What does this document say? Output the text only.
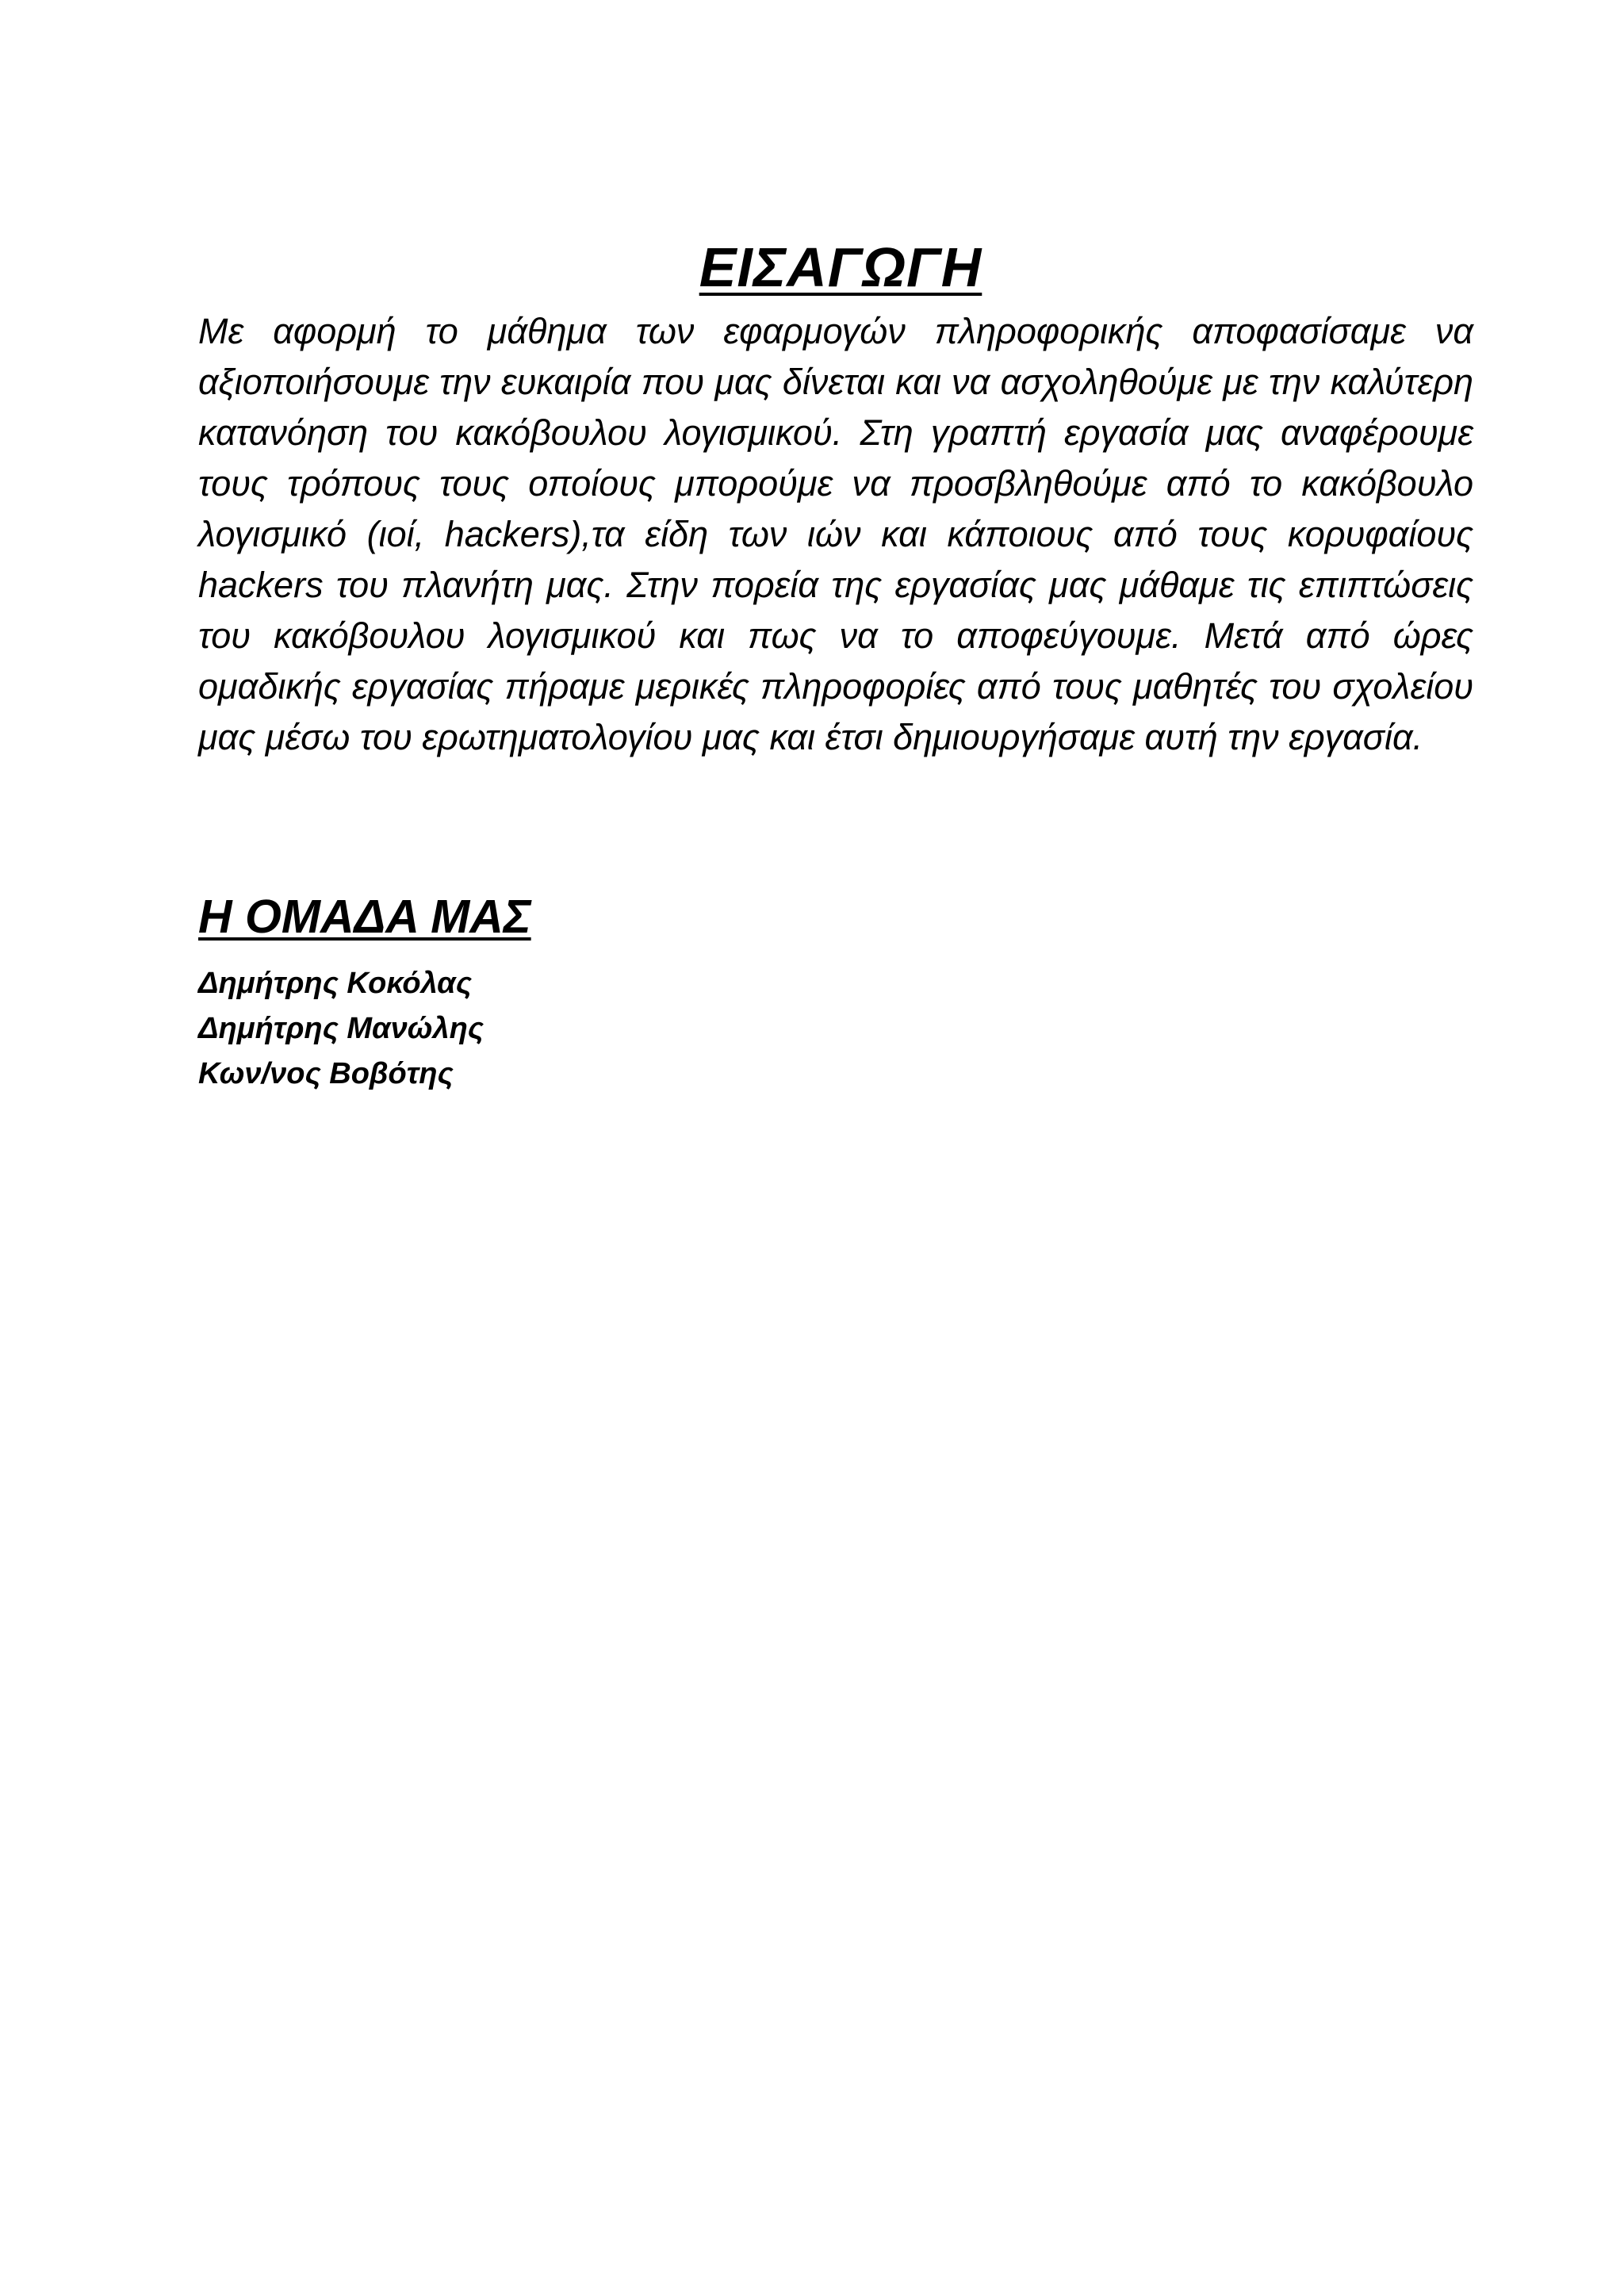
ΕΙΣΑΓΩΓΗ

Με αφορμή το μάθημα των εφαρμογών πληροφορικής αποφασίσαμε να αξιοποιήσουμε την ευκαιρία που μας δίνεται και να ασχοληθούμε με την καλύτερη κατανόηση του κακόβουλου λογισμικού. Στη γραπτή εργασία μας αναφέρουμε τους τρόπους τους οποίους μπορούμε να προσβληθούμε από το κακόβουλο λογισμικό (ιοί, hackers),τα είδη των ιών και κάποιους από τους κορυφαίους hackers του πλανήτη μας. Στην πορεία της εργασίας μας μάθαμε τις επιπτώσεις του κακόβουλου λογισμικού και πως να το αποφεύγουμε. Μετά από ώρες ομαδικής εργασίας πήραμε μερικές πληροφορίες από τους μαθητές του σχολείου μας μέσω του ερωτηματολογίου μας και έτσι δημιουργήσαμε αυτή την εργασία.

Η ΟΜΑΔΑ ΜΑΣ
Δημήτρης Κοκόλας
Δημήτρης Μανώλης
Κων/νος Βοβότης
